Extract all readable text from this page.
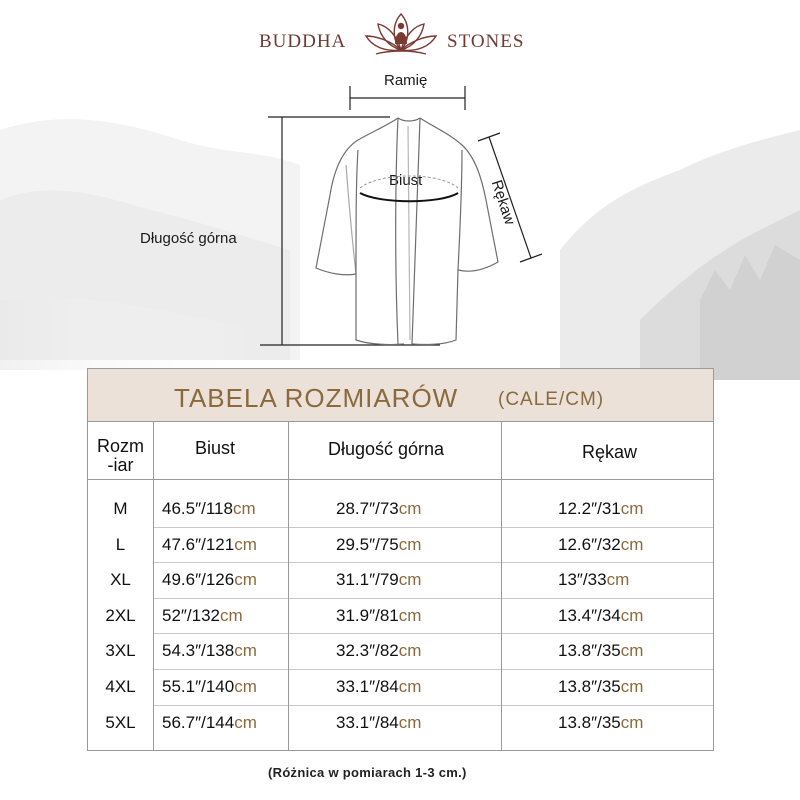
BUDDHA	STONES
Ramię
Biust
Długość górna
Rękaw
TABELA ROZMIARÓW (CALE/CM)
Rozm
-iar
Biust	Długość górna	Rękaw
M	46.5″/118cm	28.7″/73cm	12.2″/31cm
L	47.6″/121cm	29.5″/75cm	12.6″/32cm
XL	49.6″/126cm	31.1″/79cm	13″/33cm
2XL	52″/132cm	31.9″/81cm	13.4″/34cm
3XL	54.3″/138cm	32.3″/82cm	13.8″/35cm
4XL	55.1″/140cm	33.1″/84cm	13.8″/35cm
5XL	56.7″/144cm	33.1″/84cm	13.8″/35cm
(Różnica w pomiarach 1-3 cm.)
